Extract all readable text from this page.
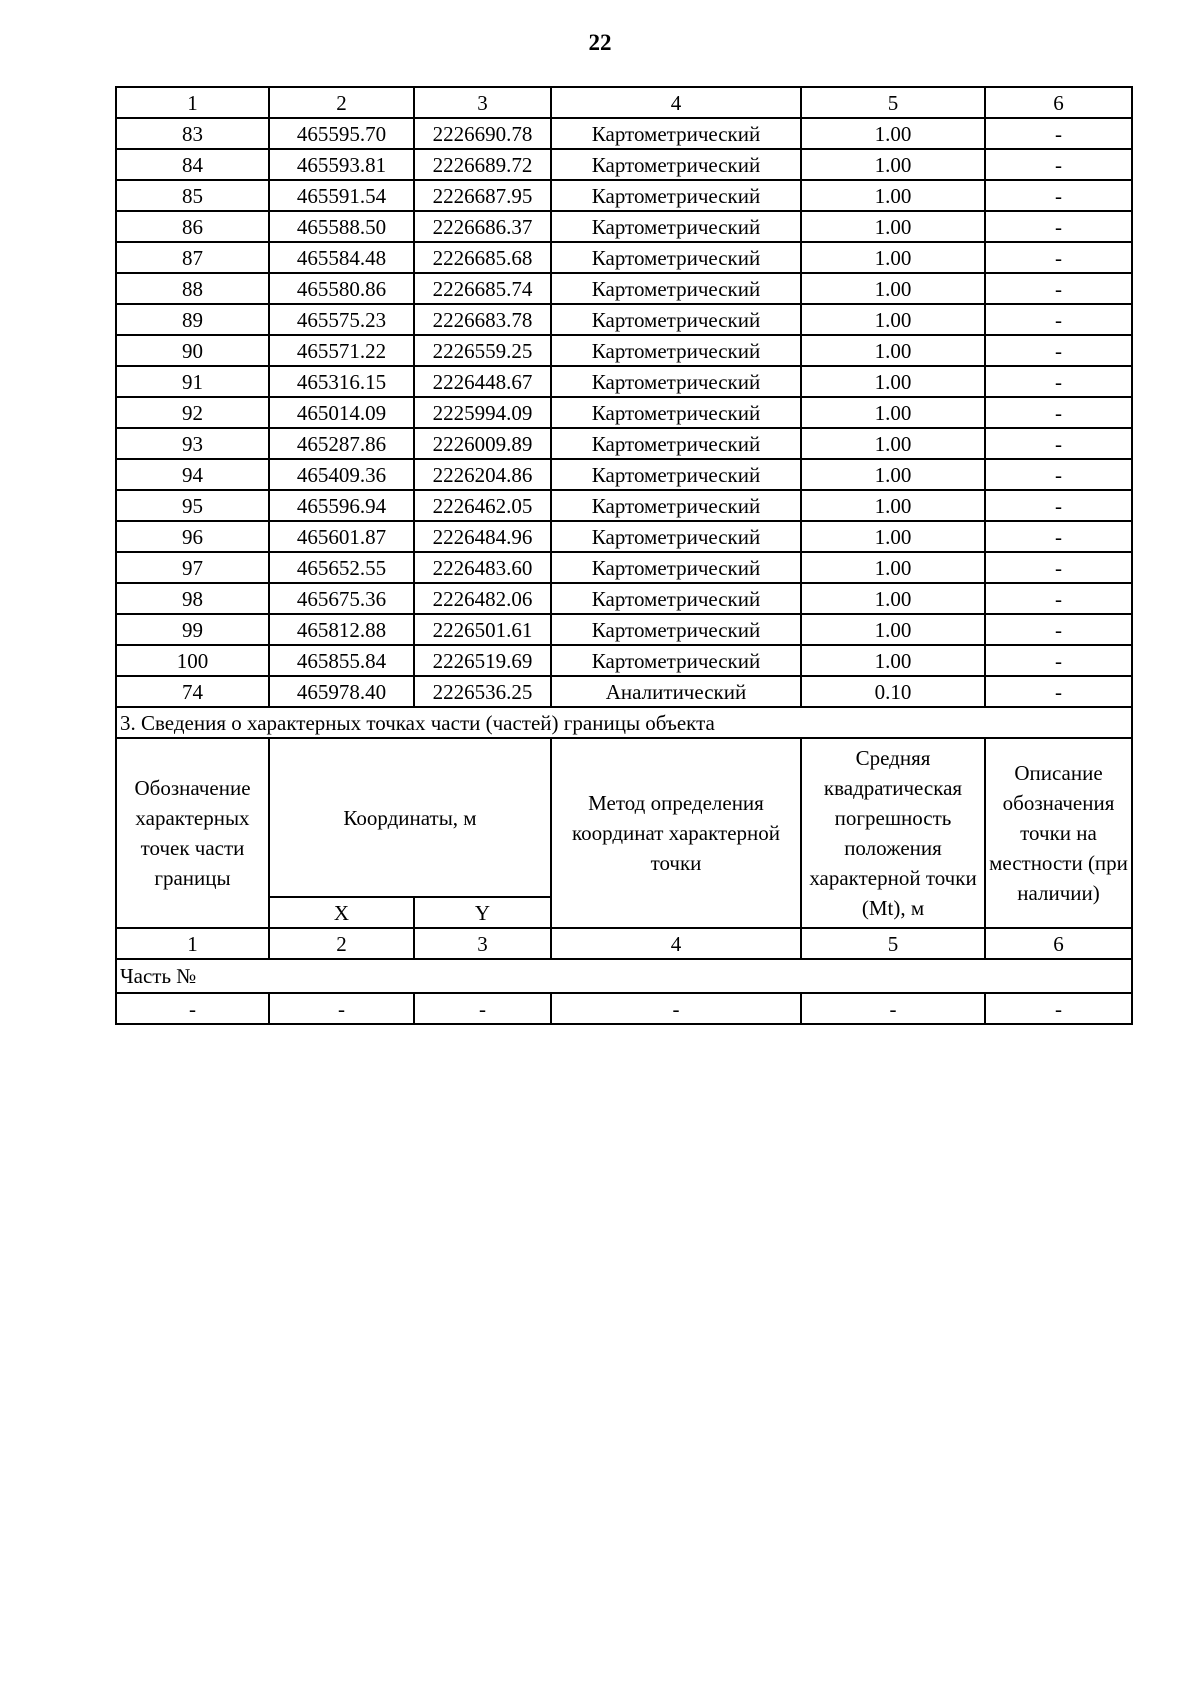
22
1	2	3	4	5	6
83	465595.70	2226690.78	Картометрический	1.00	-
84	465593.81	2226689.72	Картометрический	1.00	-
85	465591.54	2226687.95	Картометрический	1.00	-
86	465588.50	2226686.37	Картометрический	1.00	-
87	465584.48	2226685.68	Картометрический	1.00	-
88	465580.86	2226685.74	Картометрический	1.00	-
89	465575.23	2226683.78	Картометрический	1.00	-
90	465571.22	2226559.25	Картометрический	1.00	-
91	465316.15	2226448.67	Картометрический	1.00	-
92	465014.09	2225994.09	Картометрический	1.00	-
93	465287.86	2226009.89	Картометрический	1.00	-
94	465409.36	2226204.86	Картометрический	1.00	-
95	465596.94	2226462.05	Картометрический	1.00	-
96	465601.87	2226484.96	Картометрический	1.00	-
97	465652.55	2226483.60	Картометрический	1.00	-
98	465675.36	2226482.06	Картометрический	1.00	-
99	465812.88	2226501.61	Картометрический	1.00	-
100	465855.84	2226519.69	Картометрический	1.00	-
74	465978.40	2226536.25	Аналитический	0.10	-
3. Сведения о характерных точках части (частей) границы объекта					
Обозначение характерных точек части границы	Координаты, м		Метод определения координат характерной точки	Средняя квадратическая погрешность положения характерной точки (Mt), м	Описание обозначения точки на местности (при наличии)
	X	Y			
1	2	3	4	5	6
Часть №					
-	-	-	-	-	-
